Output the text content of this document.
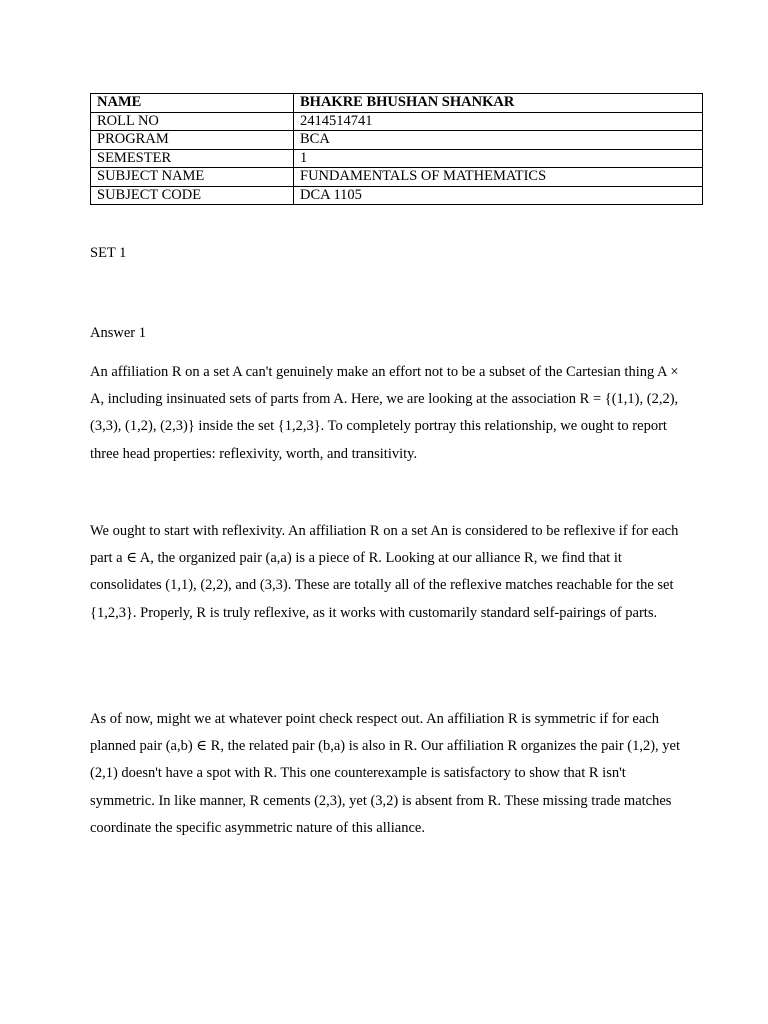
NAME	BHAKRE BHUSHAN SHANKAR
ROLL NO	2414514741
PROGRAM	BCA
SEMESTER	1
SUBJECT NAME	FUNDAMENTALS OF MATHEMATICS
SUBJECT CODE	DCA 1105
SET 1
Answer 1

An affiliation R on a set A can't genuinely make an effort not to be a subset of the Cartesian thing A × A, including insinuated sets of parts from A. Here, we are looking at the association R = {(1,1), (2,2), (3,3), (1,2), (2,3)} inside the set {1,2,3}. To completely portray this relationship, we ought to report three head properties: reflexivity, worth, and transitivity.

We ought to start with reflexivity. An affiliation R on a set An is considered to be reflexive if for each part a ∈ A, the organized pair (a,a) is a piece of R. Looking at our alliance R, we find that it consolidates (1,1), (2,2), and (3,3). These are totally all of the reflexive matches reachable for the set {1,2,3}. Properly, R is truly reflexive, as it works with customarily standard self-pairings of parts.

As of now, might we at whatever point check respect out. An affiliation R is symmetric if for each planned pair (a,b) ∈ R, the related pair (b,a) is also in R. Our affiliation R organizes the pair (1,2), yet (2,1) doesn't have a spot with R. This one counterexample is satisfactory to show that R isn't symmetric. In like manner, R cements (2,3), yet (3,2) is absent from R. These missing trade matches coordinate the specific asymmetric nature of this alliance.
